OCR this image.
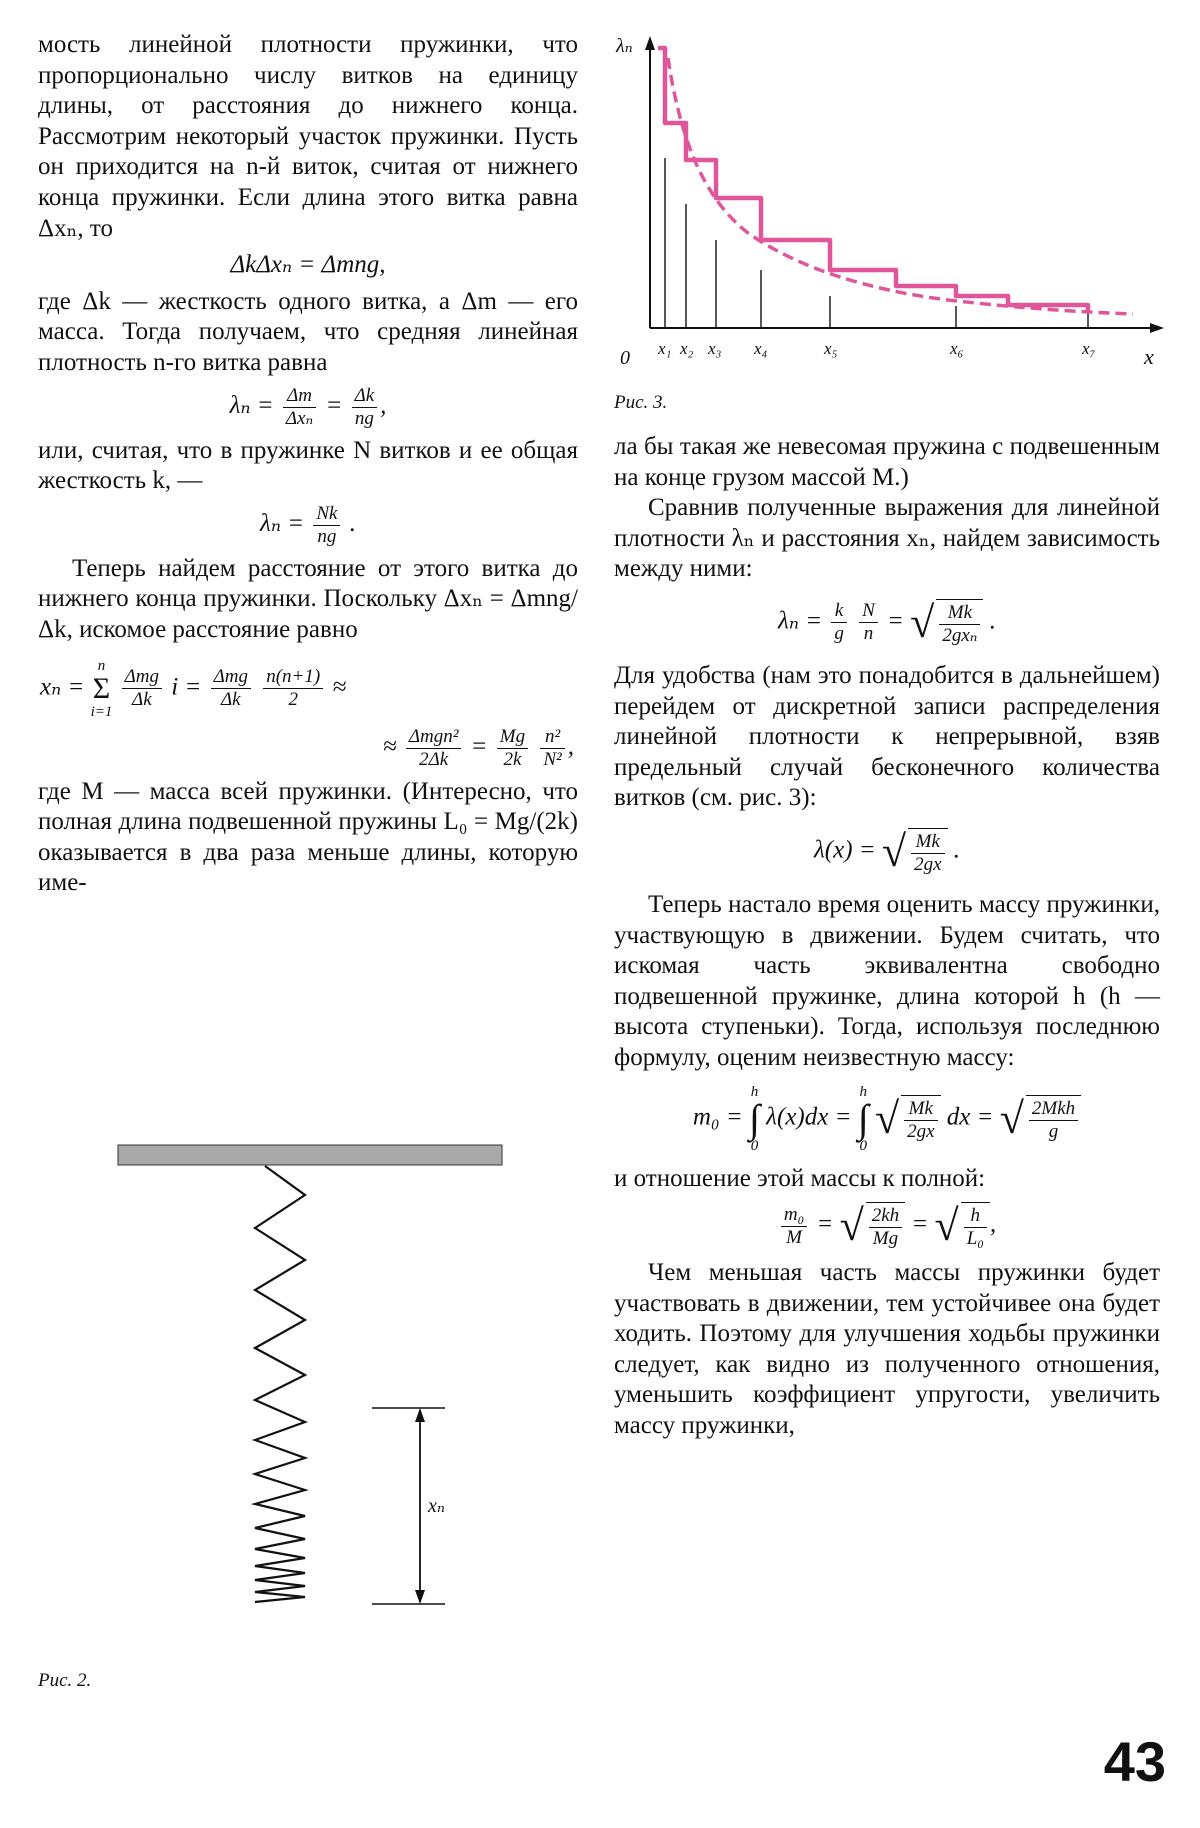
мость линейной плотности пружинки, что пропорционально числу витков на единицу длины, от расстояния до нижнего конца. Рассмотрим некоторый участок пружинки. Пусть он приходится на n-й виток, считая от нижнего конца пружинки. Если длина этого витка равна Δxₙ, то

ΔkΔxₙ = Δmng,

где Δk — жесткость одного витка, а Δm — его масса. Тогда получаем, что средняя линейная плотность n-го витка равна

$\lambda_n = \frac{\Delta m}{\text{Δxₙ}} = \frac{\Delta k}{ng}$ ,

или, считая, что в пружинке N витков и ее общая жесткость k, —

$\lambda_n = \frac{Nk}{ng}$ .

Теперь найдем расстояние от этого витка до нижнего конца пружинки. Поскольку Δxₙ = Δmng/Δk, искомое расстояние равно

xₙ = n
Σ
i=1
$\frac{\text{Δmg}}{\Delta k}$ $i = \frac{\text{Δmg}}{\Delta k}$
$\frac{n(n+1)}{2}$ ≈
≈ $\frac{\text{Δmgn²}}{2\Delta k} = \frac{Mg}{2k}$
$\frac{\text{n²}}{\text{N²}}$ ,

где M — масса всей пружинки. (Интересно, что полная длина подвешенной пружины L₀ = Mg/(2k) оказывается в два раза меньше длины, которую име-

xₙ
Рис. 2.
λₙ
x
0 x₁ x₂ x₃ x₄	x₅	x₆	x₇
Рис. 3.

ла бы такая же невесомая пружина с подвешенным на конце грузом массой M.)

Сравнив полученные выражения для линейной плотности λₙ и расстояния xₙ, найдем зависимость между ними:

$\lambda_n = \frac{k}{g}$
$\frac{N}{n}$ = √ $\frac{Mk}{\text{2gxₙ}}$ .

Для удобства (нам это понадобится в дальнейшем) перейдем от дискретной записи распределения линейной плотности к непрерывной, взяв предельный случай бесконечного количества витков (см. рис. 3):

λ(x) = √ $\frac{Mk}{2gx}$ .

Теперь настало время оценить массу пружинки, участвующую в движении. Будем считать, что искомая часть эквивалентна свободно подвешенной пружинке, длина которой h (h — высота ступеньки). Тогда, используя последнюю формулу, оценим неизвестную массу:

m₀ = h
∫
0 λ(x)dx = h
∫
0 √ $\frac{Mk}{2gx}$ dx = √ $\frac{\text{2Mkh}}{g}$

и отношение этой массы к полной:

$\frac{\text{m₀}}{M}$ = √ $\frac{2kh}{Mg}$ = √ $\frac{h}{\text{L₀}}$ ,

Чем меньшая часть массы пружинки будет участвовать в движении, тем устойчивее она будет ходить. Поэтому для улучшения ходьбы пружинки следует, как видно из полученного отношения, уменьшить коэффициент упругости, увеличить массу пружинки,

43
